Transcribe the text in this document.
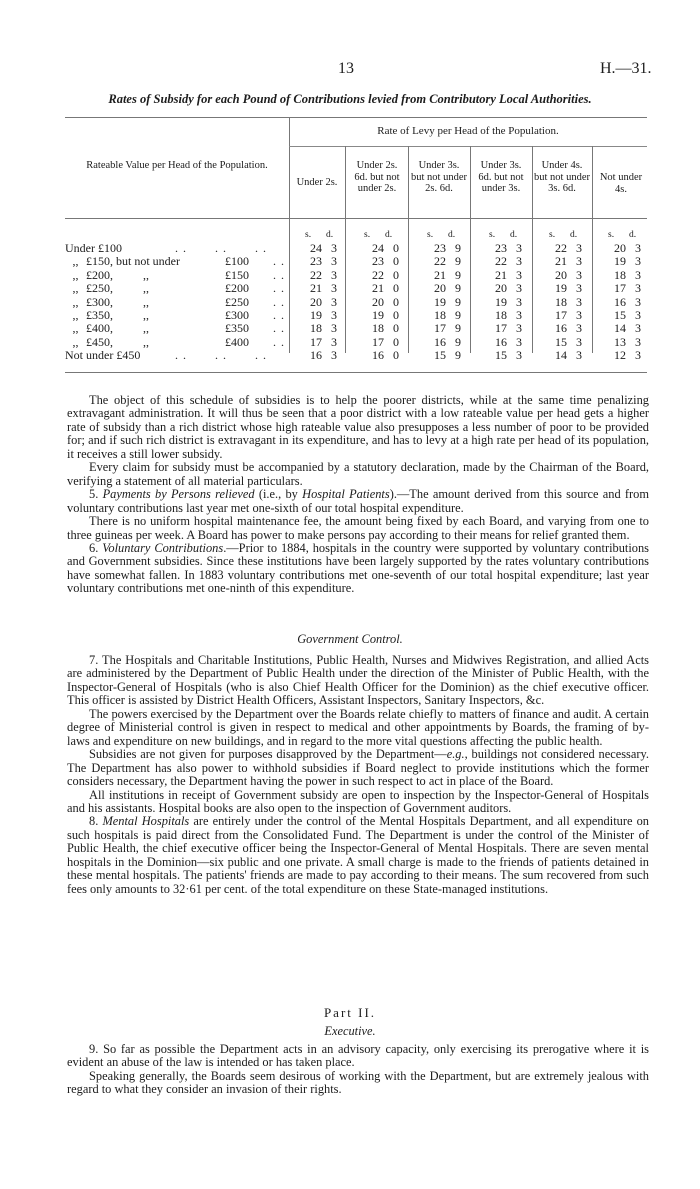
13	H.—31.
Rates of Subsidy for each Pound of Contributions levied from Contributory Local Authorities.
Rate of Levy per Head of the Population.
Rateable Value per Head of the Population.
Under 2s.
Under 2s. 6d. but not under 2s.
Under 3s. but not under 2s. 6d.
Under 3s. 6d. but not under 3s.
Under 4s. but not under 3s. 6d.
Not under 4s.
s. d.	s. d.	s. d.	s. d.	s. d.	s. d.
Under £100 . .       . .       . .	24	3	24	0	23	9	23	3	22	3	20	3
,, £150, but not under £100 . .	23	3	23	0	22	9	22	3	21	3	19	3
,, £200,          ,, £150 . .	22	3	22	0	21	9	21	3	20	3	18	3
,, £250,          ,, £200 . .	21	3	21	0	20	9	20	3	19	3	17	3
,, £300,          ,, £250 . .	20	3	20	0	19	9	19	3	18	3	16	3
,, £350,          ,, £300 . .	19	3	19	0	18	9	18	3	17	3	15	3
,, £400,          ,, £350 . .	18	3	18	0	17	9	17	3	16	3	14	3
,, £450,          ,, £400 . .	17	3	17	0	16	9	16	3	15	3	13	3
Not under £450 . .       . .       . .	16	3	16	0	15	9	15	3	14	3	12	3

The object of this schedule of subsidies is to help the poorer districts, while at the same time penalizing extravagant administration. It will thus be seen that a poor district with a low rateable value per head gets a higher rate of subsidy than a rich district whose high rateable value also presupposes a less number of poor to be provided for; and if such rich district is extravagant in its expenditure, and has to levy at a high rate per head of its population, it receives a still lower subsidy.

Every claim for subsidy must be accompanied by a statutory declaration, made by the Chairman of the Board, verifying a statement of all material particulars.

5. Payments by Persons relieved (i.e., by Hospital Patients).—The amount derived from this source and from voluntary contributions last year met one-sixth of our total hospital expenditure.

There is no uniform hospital maintenance fee, the amount being fixed by each Board, and varying from one to three guineas per week. A Board has power to make persons pay according to their means for relief granted them.

6. Voluntary Contributions.—Prior to 1884, hospitals in the country were supported by voluntary contributions and Government subsidies. Since these institutions have been largely supported by the rates voluntary contributions have somewhat fallen. In 1883 voluntary contributions met one-seventh of our total hospital expenditure; last year voluntary contributions met one-ninth of this expenditure.

Government Control.

7. The Hospitals and Charitable Institutions, Public Health, Nurses and Midwives Registration, and allied Acts are administered by the Department of Public Health under the direction of the Minister of Public Health, with the Inspector-General of Hospitals (who is also Chief Health Officer for the Dominion) as the chief executive officer. This officer is assisted by District Health Officers, Assistant Inspectors, Sanitary Inspectors, &c.

The powers exercised by the Department over the Boards relate chiefly to matters of finance and audit. A certain degree of Ministerial control is given in respect to medical and other appointments by Boards, the framing of by-laws and expenditure on new buildings, and in regard to the more vital questions affecting the public health.

Subsidies are not given for purposes disapproved by the Department—e.g., buildings not considered necessary. The Department has also power to withhold subsidies if Board neglect to provide institutions which the former considers necessary, the Department having the power in such respect to act in place of the Board.

All institutions in receipt of Government subsidy are open to inspection by the Inspector-General of Hospitals and his assistants. Hospital books are also open to the inspection of Government auditors.

8. Mental Hospitals are entirely under the control of the Mental Hospitals Department, and all expenditure on such hospitals is paid direct from the Consolidated Fund. The Department is under the control of the Minister of Public Health, the chief executive officer being the Inspector-General of Mental Hospitals. There are seven mental hospitals in the Dominion—six public and one private. A small charge is made to the friends of patients detained in these mental hospitals. The patients' friends are made to pay according to their means. The sum recovered from such fees only amounts to 32·61 per cent. of the total expenditure on these State-managed institutions.

Part II.
Executive.

9. So far as possible the Department acts in an advisory capacity, only exercising its prerogative where it is evident an abuse of the law is intended or has taken place.

Speaking generally, the Boards seem desirous of working with the Department, but are extremely jealous with regard to what they consider an invasion of their rights.
